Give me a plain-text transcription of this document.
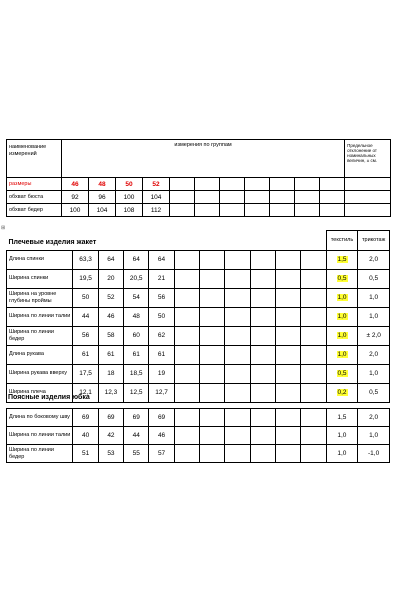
наименование измерений	измерения по группам											Предельное отклонение от номинальных величин, ± см.
размеры	46	48	50	52								
обхват бюста	92	96	100	104								
обхват бедер	100	104	108	112								
⊞
Плечевые изделия жакет											текстиль	трикотаж
Длина спинки	63,3	64	64	64							1,5	2,0
Ширина спинки	19,5	20	20,5	21							0,5	0,5
Ширина на уровне глубины проймы	50	52	54	56							1,0	1,0
Ширина по линии талии	44	46	48	50							1,0	1,0
Ширина по линии бедер	56	58	60	62							1,0	± 2,0
Длина рукава	61	61	61	61							1,0	2,0
Ширина рукава вверху	17,5	18	18,5	19							0,5	1,0
Ширина плеча	12,1	12,3	12,5	12,7							0,2	0,5

Длина по боковому шву	69	69	69	69							1,5	2,0
Ширина по линии талии	40	42	44	46							1,0	1,0
Ширина по линии бедер	51	53	55	57							1,0	-1,0
Поясные изделия юбка
